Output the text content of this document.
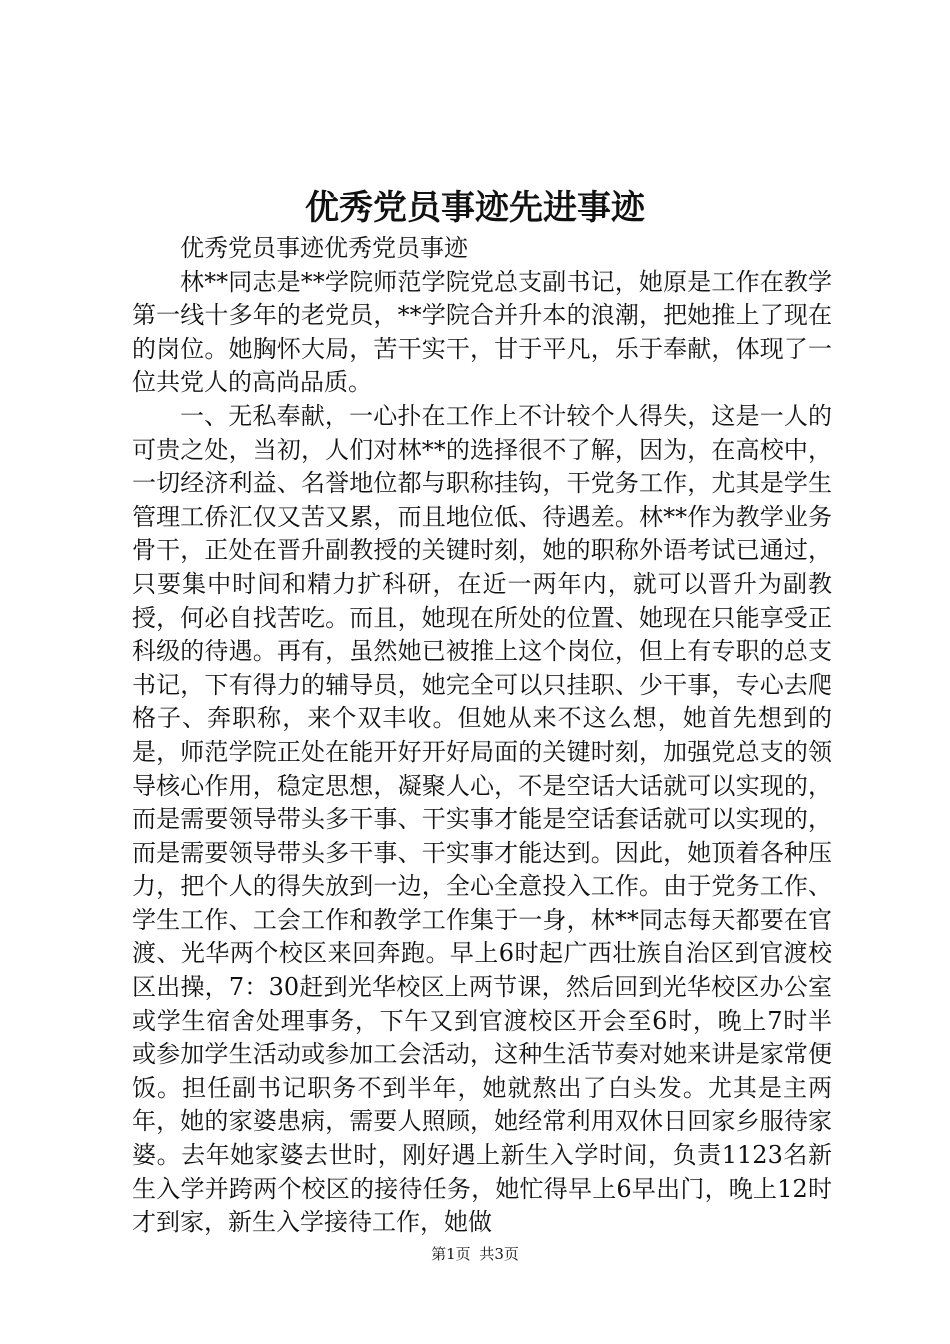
优秀党员事迹先进事迹

优秀党员事迹优秀党员事迹

林**同志是**学院师范学院党总支副书记，她原是工作在教学第一线十多年的老党员，**学院合并升本的浪潮，把她推上了现在的岗位。她胸怀大局，苦干实干，甘于平凡，乐于奉献，体现了一位共党人的高尚品质。

一、无私奉献，一心扑在工作上不计较个人得失，这是一人的可贵之处，当初，人们对林**的选择很不了解，因为，在高校中，一切经济利益、名誉地位都与职称挂钩，干党务工作，尤其是学生管理工侨汇仅又苦又累，而且地位低、待遇差。林**作为教学业务骨干，正处在晋升副教授的关键时刻，她的职称外语考试已通过，只要集中时间和精力扩科研，在近一两年内，就可以晋升为副教授，何必自找苦吃。而且，她现在所处的位置、她现在只能享受正科级的待遇。再有，虽然她已被推上这个岗位，但上有专职的总支书记，下有得力的辅导员，她完全可以只挂职、少干事，专心去爬格子、奔职称，来个双丰收。但她从来不这么想，她首先想到的是，师范学院正处在能开好开好局面的关键时刻，加强党总支的领导核心作用，稳定思想，凝聚人心，不是空话大话就可以实现的，而是需要领导带头多干事、干实事才能是空话套话就可以实现的，而是需要领导带头多干事、干实事才能达到。因此，她顶着各种压力，把个人的得失放到一边，全心全意投入工作。由于党务工作、学生工作、工会工作和教学工作集于一身，林**同志每天都要在官渡、光华两个校区来回奔跑。早上6时起广西壮族自治区到官渡校区出操，7：30赶到光华校区上两节课，然后回到光华校区办公室或学生宿舍处理事务，下午又到官渡校区开会至6时，晚上7时半或参加学生活动或参加工会活动，这种生活节奏对她来讲是家常便饭。担任副书记职务不到半年，她就熬出了白头发。尤其是主两年，她的家婆患病，需要人照顾，她经常利用双休日回家乡服待家婆。去年她家婆去世时，刚好遇上新生入学时间，负责1123名新生入学并跨两个校区的接待任务，她忙得早上6早出门，晚上12时才到家，新生入学接待工作，她做

第1页 共3页
